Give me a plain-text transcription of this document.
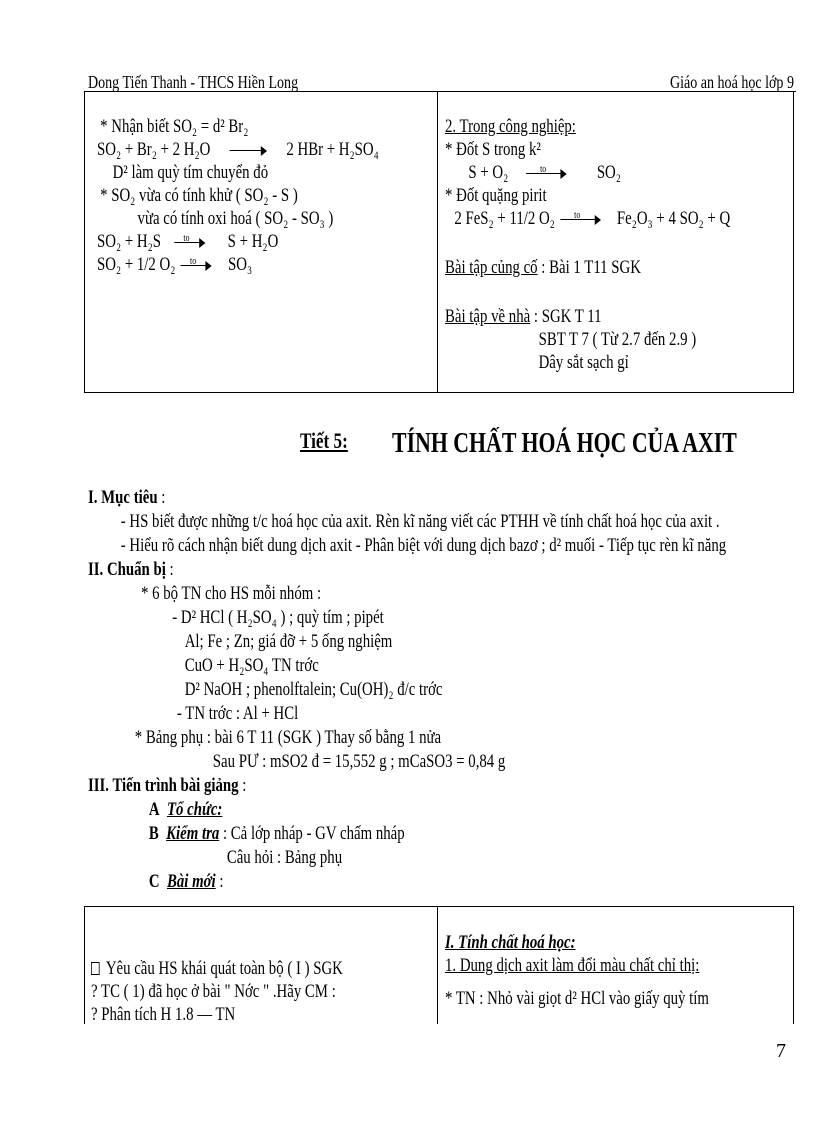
Dong Tiến Thanh - THCS Hiền Long	Giáo an hoá học lớp 9
* Nhận biết SO₂ = d² Br₂
SO₂ + Br₂ + 2 H₂O	2 HBr + H₂SO₄
D² làm quỳ tím chuyển đỏ
* SO₂ vừa có tính khử ( SO₂ - S )
vừa có tính oxi hoá ( SO₂ - SO₃ )
SO₂ + H₂S to S + H₂O
SO₂ + 1/2 O₂ to SO₃
2. Trong công nghiệp:
* Đốt S trong k²
S + O₂	to	SO₂
* Đốt quặng pirit
2 FeS₂ + 11/2 O₂ to Fe₂O₃ + 4 SO₂ + Q
Bài tập củng cố : Bài 1 T11 SGK
Bài tập về nhà : SGK T 11
SBT T 7 ( Từ 2.7 đến 2.9 )
Dây sắt sạch gỉ
Tiết 5:	TÍNH CHẤT HOÁ HỌC CỦA AXIT
I. Mục tiêu :
- HS biết được những t/c hoá học của axit. Rèn kĩ năng viết các PTHH về tính chất hoá học của axit .
- Hiểu rõ cách nhận biết dung dịch axit - Phân biệt với dung dịch bazơ ; d² muối - Tiếp tục rèn kĩ năng
II. Chuẩn bị :
* 6 bộ TN cho HS mỗi nhóm :
- D² HCl ( H₂SO₄ ) ; quỳ tím ; pipét
Al; Fe ; Zn; giá đỡ + 5 ống nghiệm
CuO + H₂SO₄ TN trớc
D² NaOH ; phenolftalein; Cu(OH)₂ đ/c trớc
- TN trớc : Al + HCl
* Bảng phụ : bài 6 T 11 (SGK ) Thay số bằng 1 nửa
Sau PƯ : mSO2 đ = 15,552 g ; mCaSO3 = 0,84 g
III. Tiến trình bài giảng :
A Tổ chức:
B Kiểm tra : Cả lớp nháp - GV chấm nháp
Câu hỏi : Bảng phụ
C Bài mới :
Yêu cầu HS khái quát toàn bộ ( I ) SGK
? TC ( 1) đã học ở bài " Nớc " .Hãy CM :
? Phân tích H 1.8 — TN
I. Tính chất hoá học:
1. Dung dịch axit làm đổi màu chất chỉ thị:
* TN : Nhỏ vài giọt d² HCl vào giấy quỳ tím
7
